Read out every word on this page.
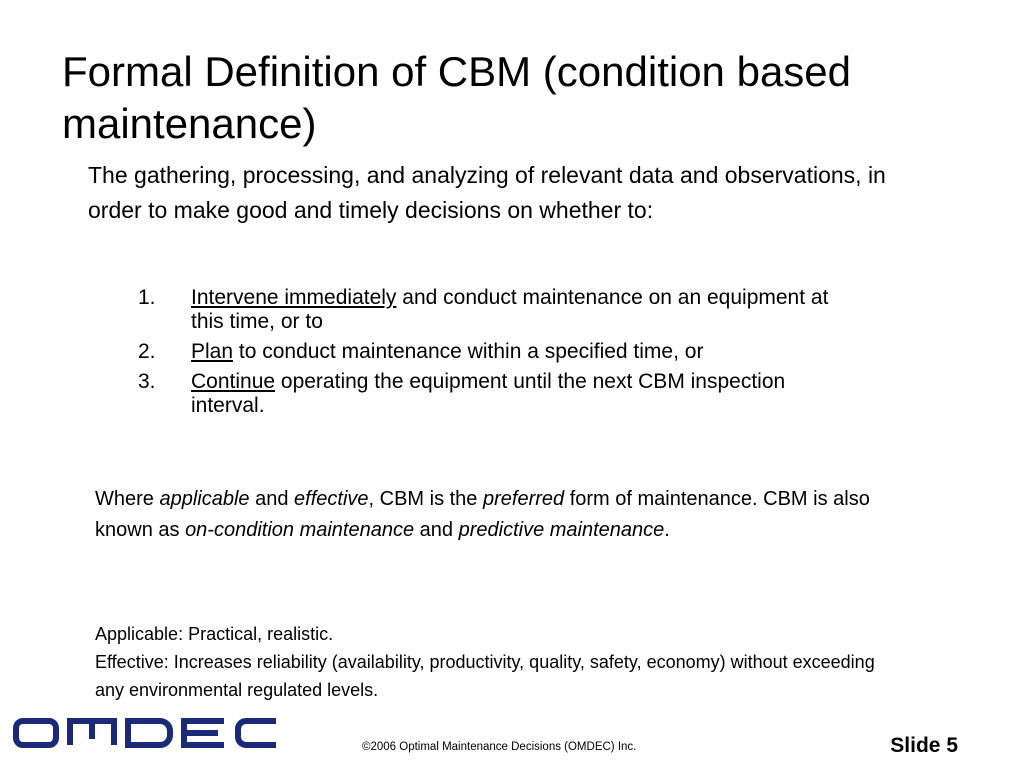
Formal Definition of CBM (condition based maintenance)

The gathering, processing, and analyzing of relevant data and observations, in order to make good and timely decisions on whether to:

1. Intervene immediately and conduct maintenance on an equipment at this time, or to
2. Plan to conduct maintenance within a specified time, or
3. Continue operating the equipment until the next CBM inspection interval.

Where applicable and effective, CBM is the preferred form of maintenance. CBM is also known as on-condition maintenance and predictive maintenance.

Applicable: Practical, realistic.
Effective: Increases reliability (availability, productivity, quality, safety, economy) without exceeding any environmental regulated levels.
©2006 Optimal Maintenance Decisions (OMDEC) Inc.	Slide 5
